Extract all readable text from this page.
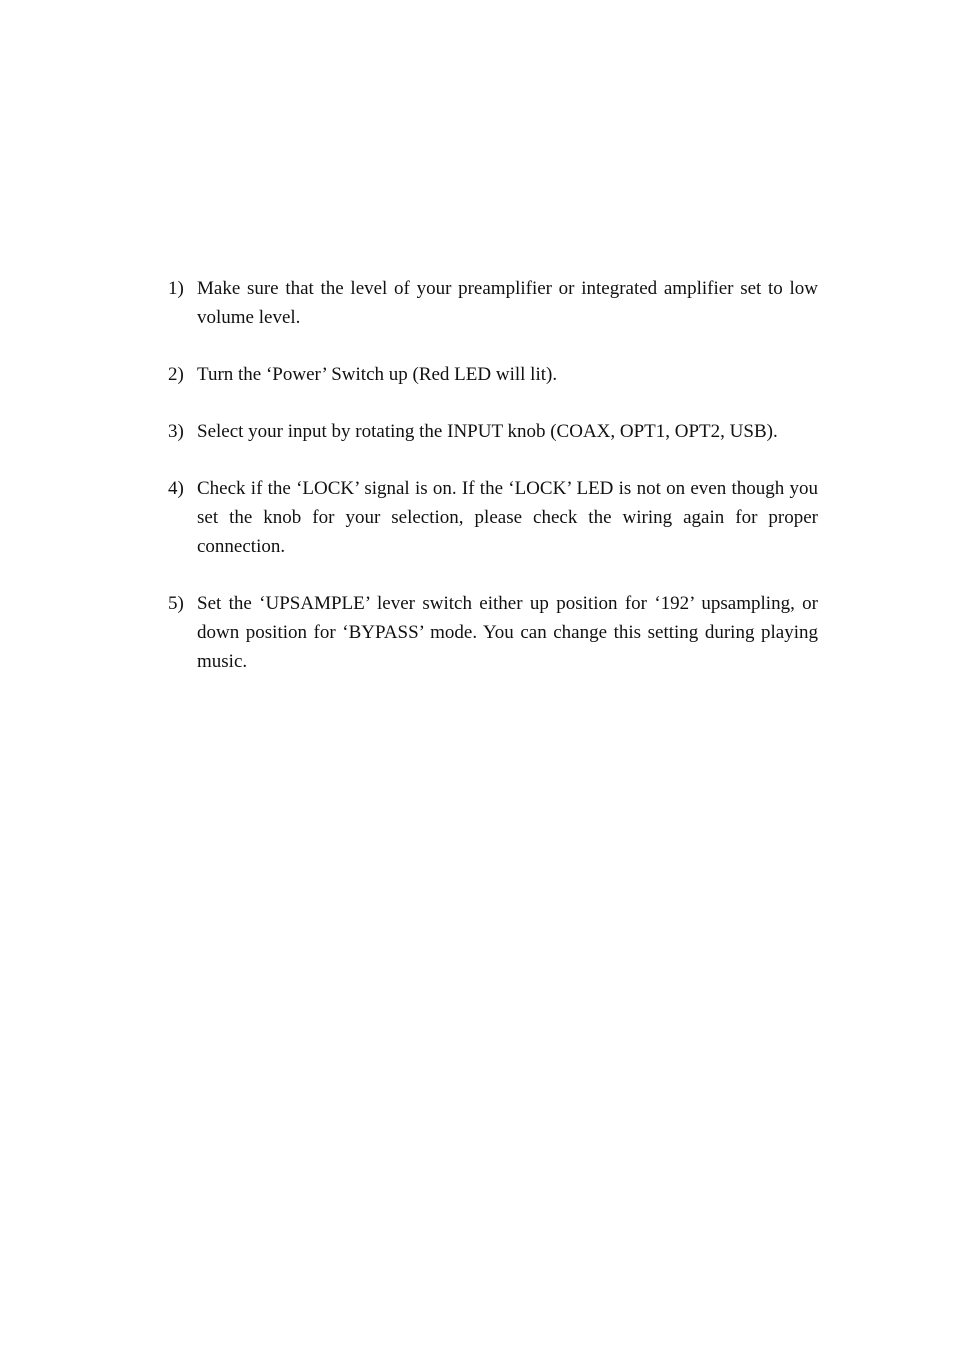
1) Make sure that the level of your preamplifier or integrated amplifier set to low volume level.
2) Turn the ‘Power’ Switch up (Red LED will lit).
3) Select your input by rotating the INPUT knob (COAX, OPT1, OPT2, USB).
4) Check if the ‘LOCK’ signal is on. If the ‘LOCK’ LED is not on even though you set the knob for your selection, please check the wiring again for proper connection.
5) Set the ‘UPSAMPLE’ lever switch either up position for ‘192’ upsampling, or down position for ‘BYPASS’ mode. You can change this setting during playing music.
